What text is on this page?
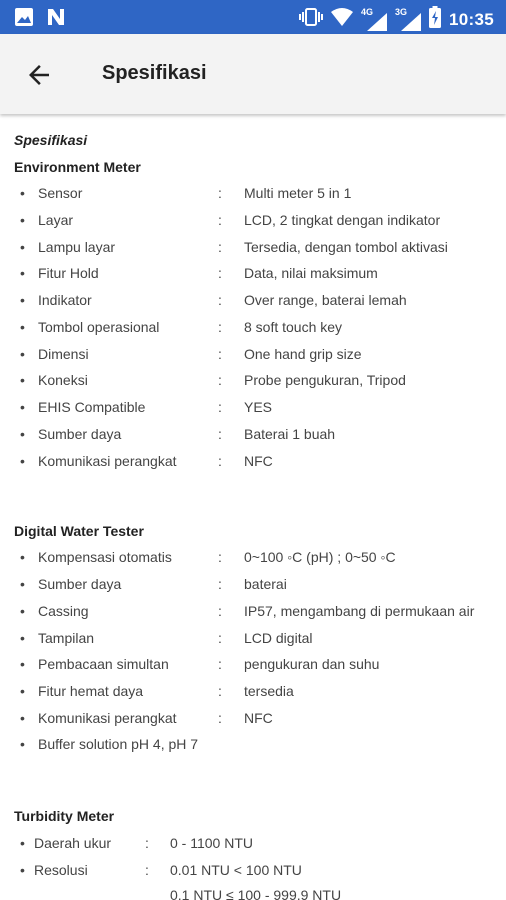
4G 3G 10:35
Spesifikasi
Spesifikasi
Environment Meter
• Sensor	: Multi meter 5 in 1
• Layar	: LCD, 2 tingkat dengan indikator
• Lampu layar	: Tersedia, dengan tombol aktivasi
• Fitur Hold	: Data, nilai maksimum
• Indikator	: Over range, baterai lemah
• Tombol operasional	: 8 soft touch key
• Dimensi	: One hand grip size
• Koneksi	: Probe pengukuran, Tripod
• EHIS Compatible	: YES
• Sumber daya	: Baterai 1 buah
• Komunikasi perangkat	: NFC
Digital Water Tester
• Kompensasi otomatis	: 0~100 ◦C (pH) ; 0~50 ◦C
• Sumber daya	: baterai
• Cassing	: IP57, mengambang di permukaan air
• Tampilan	: LCD digital
• Pembacaan simultan	: pengukuran dan suhu
• Fitur hemat daya	: tersedia
• Komunikasi perangkat	: NFC
• Buffer solution pH 4, pH 7
Turbidity Meter
• Daerah ukur : 0 - 1100 NTU
• Resolusi	: 0.01 NTU < 100 NTU
0.1 NTU ≤ 100 - 999.9 NTU
